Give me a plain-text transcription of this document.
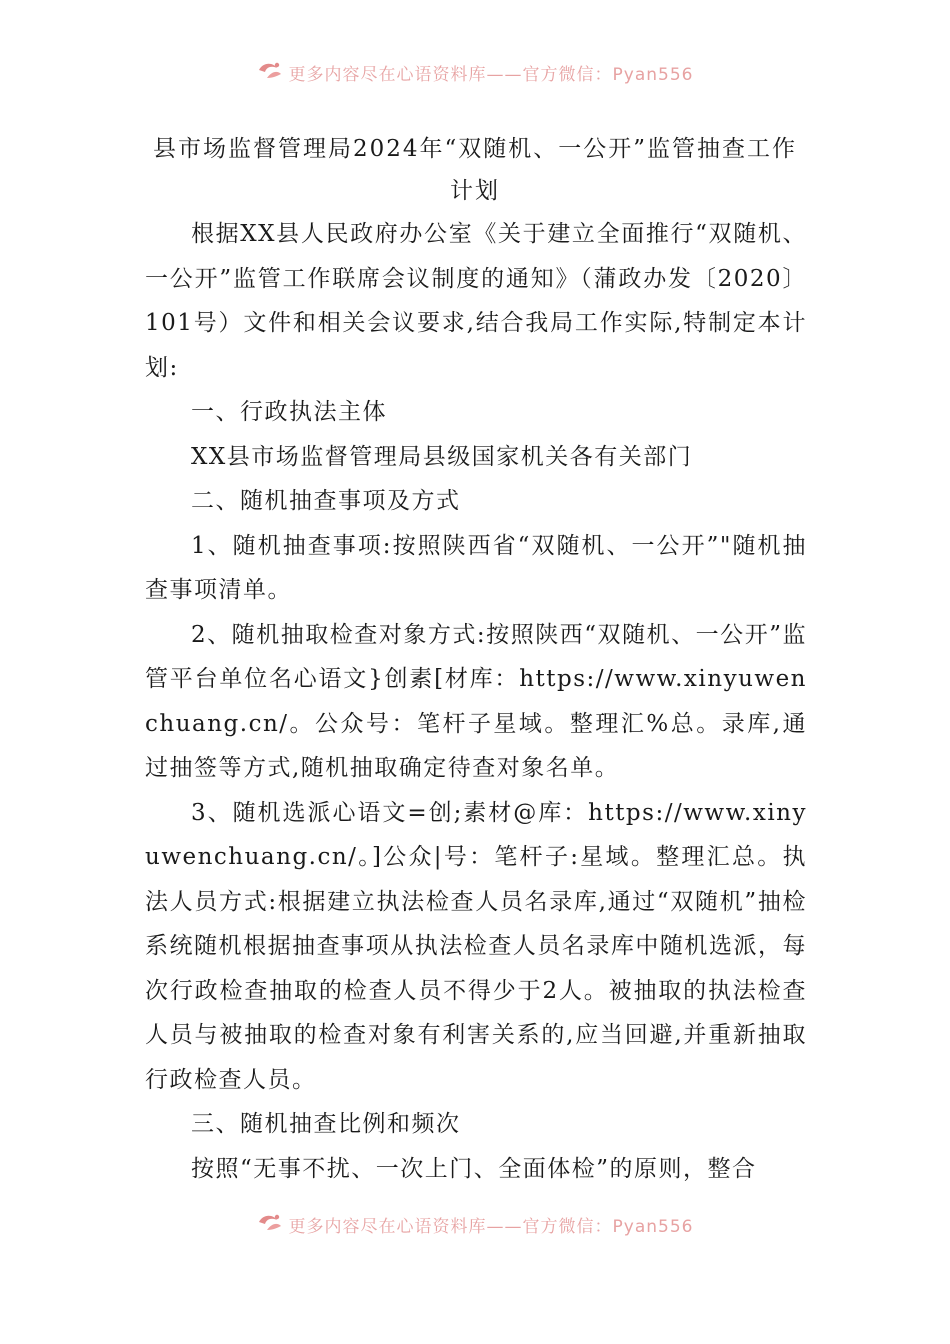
更多内容尽在心语资料库——官方微信：Pyan556
县市场监督管理局2024年“双随机、一公开”监管抽查工作计划

根据XX县人民政府办公室《关于建立全面推行“双随机、一公开”监管工作联席会议制度的通知》（蒲政办发〔2020〕101号）文件和相关会议要求,结合我局工作实际,特制定本计划:

一、行政执法主体

XX县市场监督管理局县级国家机关各有关部门

二、随机抽查事项及方式

1、随机抽查事项:按照陕西省“双随机、一公开”"随机抽查事项清单。

2、随机抽取检查对象方式:按照陕西“双随机、一公开”监管平台单位名心语文}创素[材库：https://www.xinyuwenchuang.cn/。公众号：笔杆子星域。整理汇%总。录库,通过抽签等方式,随机抽取确定待查对象名单。

3、随机选派心语文=创;素材@库：https://www.xinyuwenchuang.cn/。]公众|号：笔杆子:星域。整理汇总。执法人员方式:根据建立执法检查人员名录库,通过“双随机”抽检系统随机根据抽查事项从执法检查人员名录库中随机选派，每次行政检查抽取的检查人员不得少于2人。被抽取的执法检查人员与被抽取的检查对象有利害关系的,应当回避,并重新抽取行政检查人员。

三、随机抽查比例和频次

按照“无事不扰、一次上门、全面体检”的原则，整合

更多内容尽在心语资料库——官方微信：Pyan556
